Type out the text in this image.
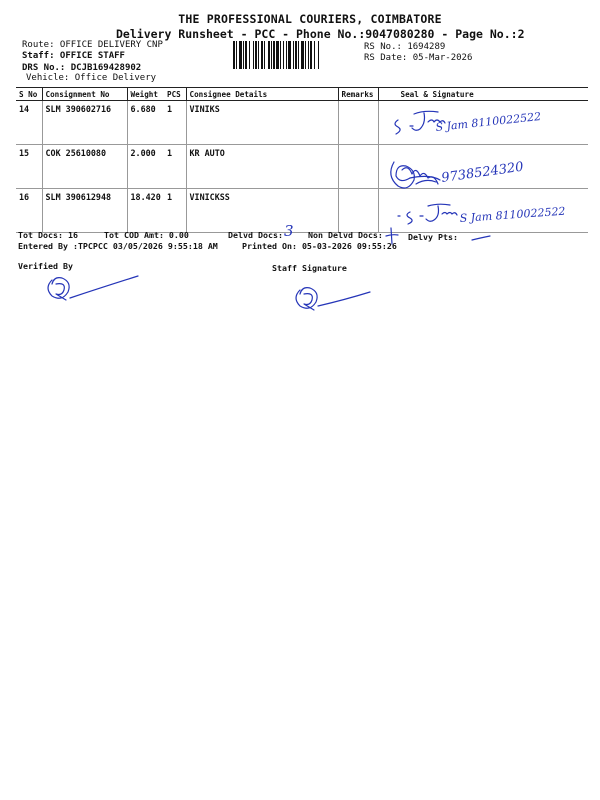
THE PROFESSIONAL COURIERS, COIMBATORE
Delivery Runsheet - PCC - Phone No.:9047080280 - Page No.:2
Route: OFFICE DELIVERY CNP
Staff: OFFICE STAFF
DRS No.: DCJB169428902
Vehicle: Office Delivery
RS No.: 1694289
RS Date: 05-Mar-2026
S No	Consignment No	Weight	PCS	Consignee Details	Remarks	Seal & Signature
14	SLM 390602716	6.680	1	VINIKS		
15	COK 25610080	2.000	1	KR AUTO		
16	SLM 390612948	18.420	1	VINICKSS		
S Jam 8110022522
9738524320
S Jam 8110022522
Tot Docs: 16	Tot COD Amt: 0.00	Delvd Docs: 3 Non Delvd Docs:	Delvy Pts:
Entered By :TPCPCC 03/05/2026 9:55:18 AM	Printed On: 05-03-2026 09:55:26
Verified By	Staff Signature
